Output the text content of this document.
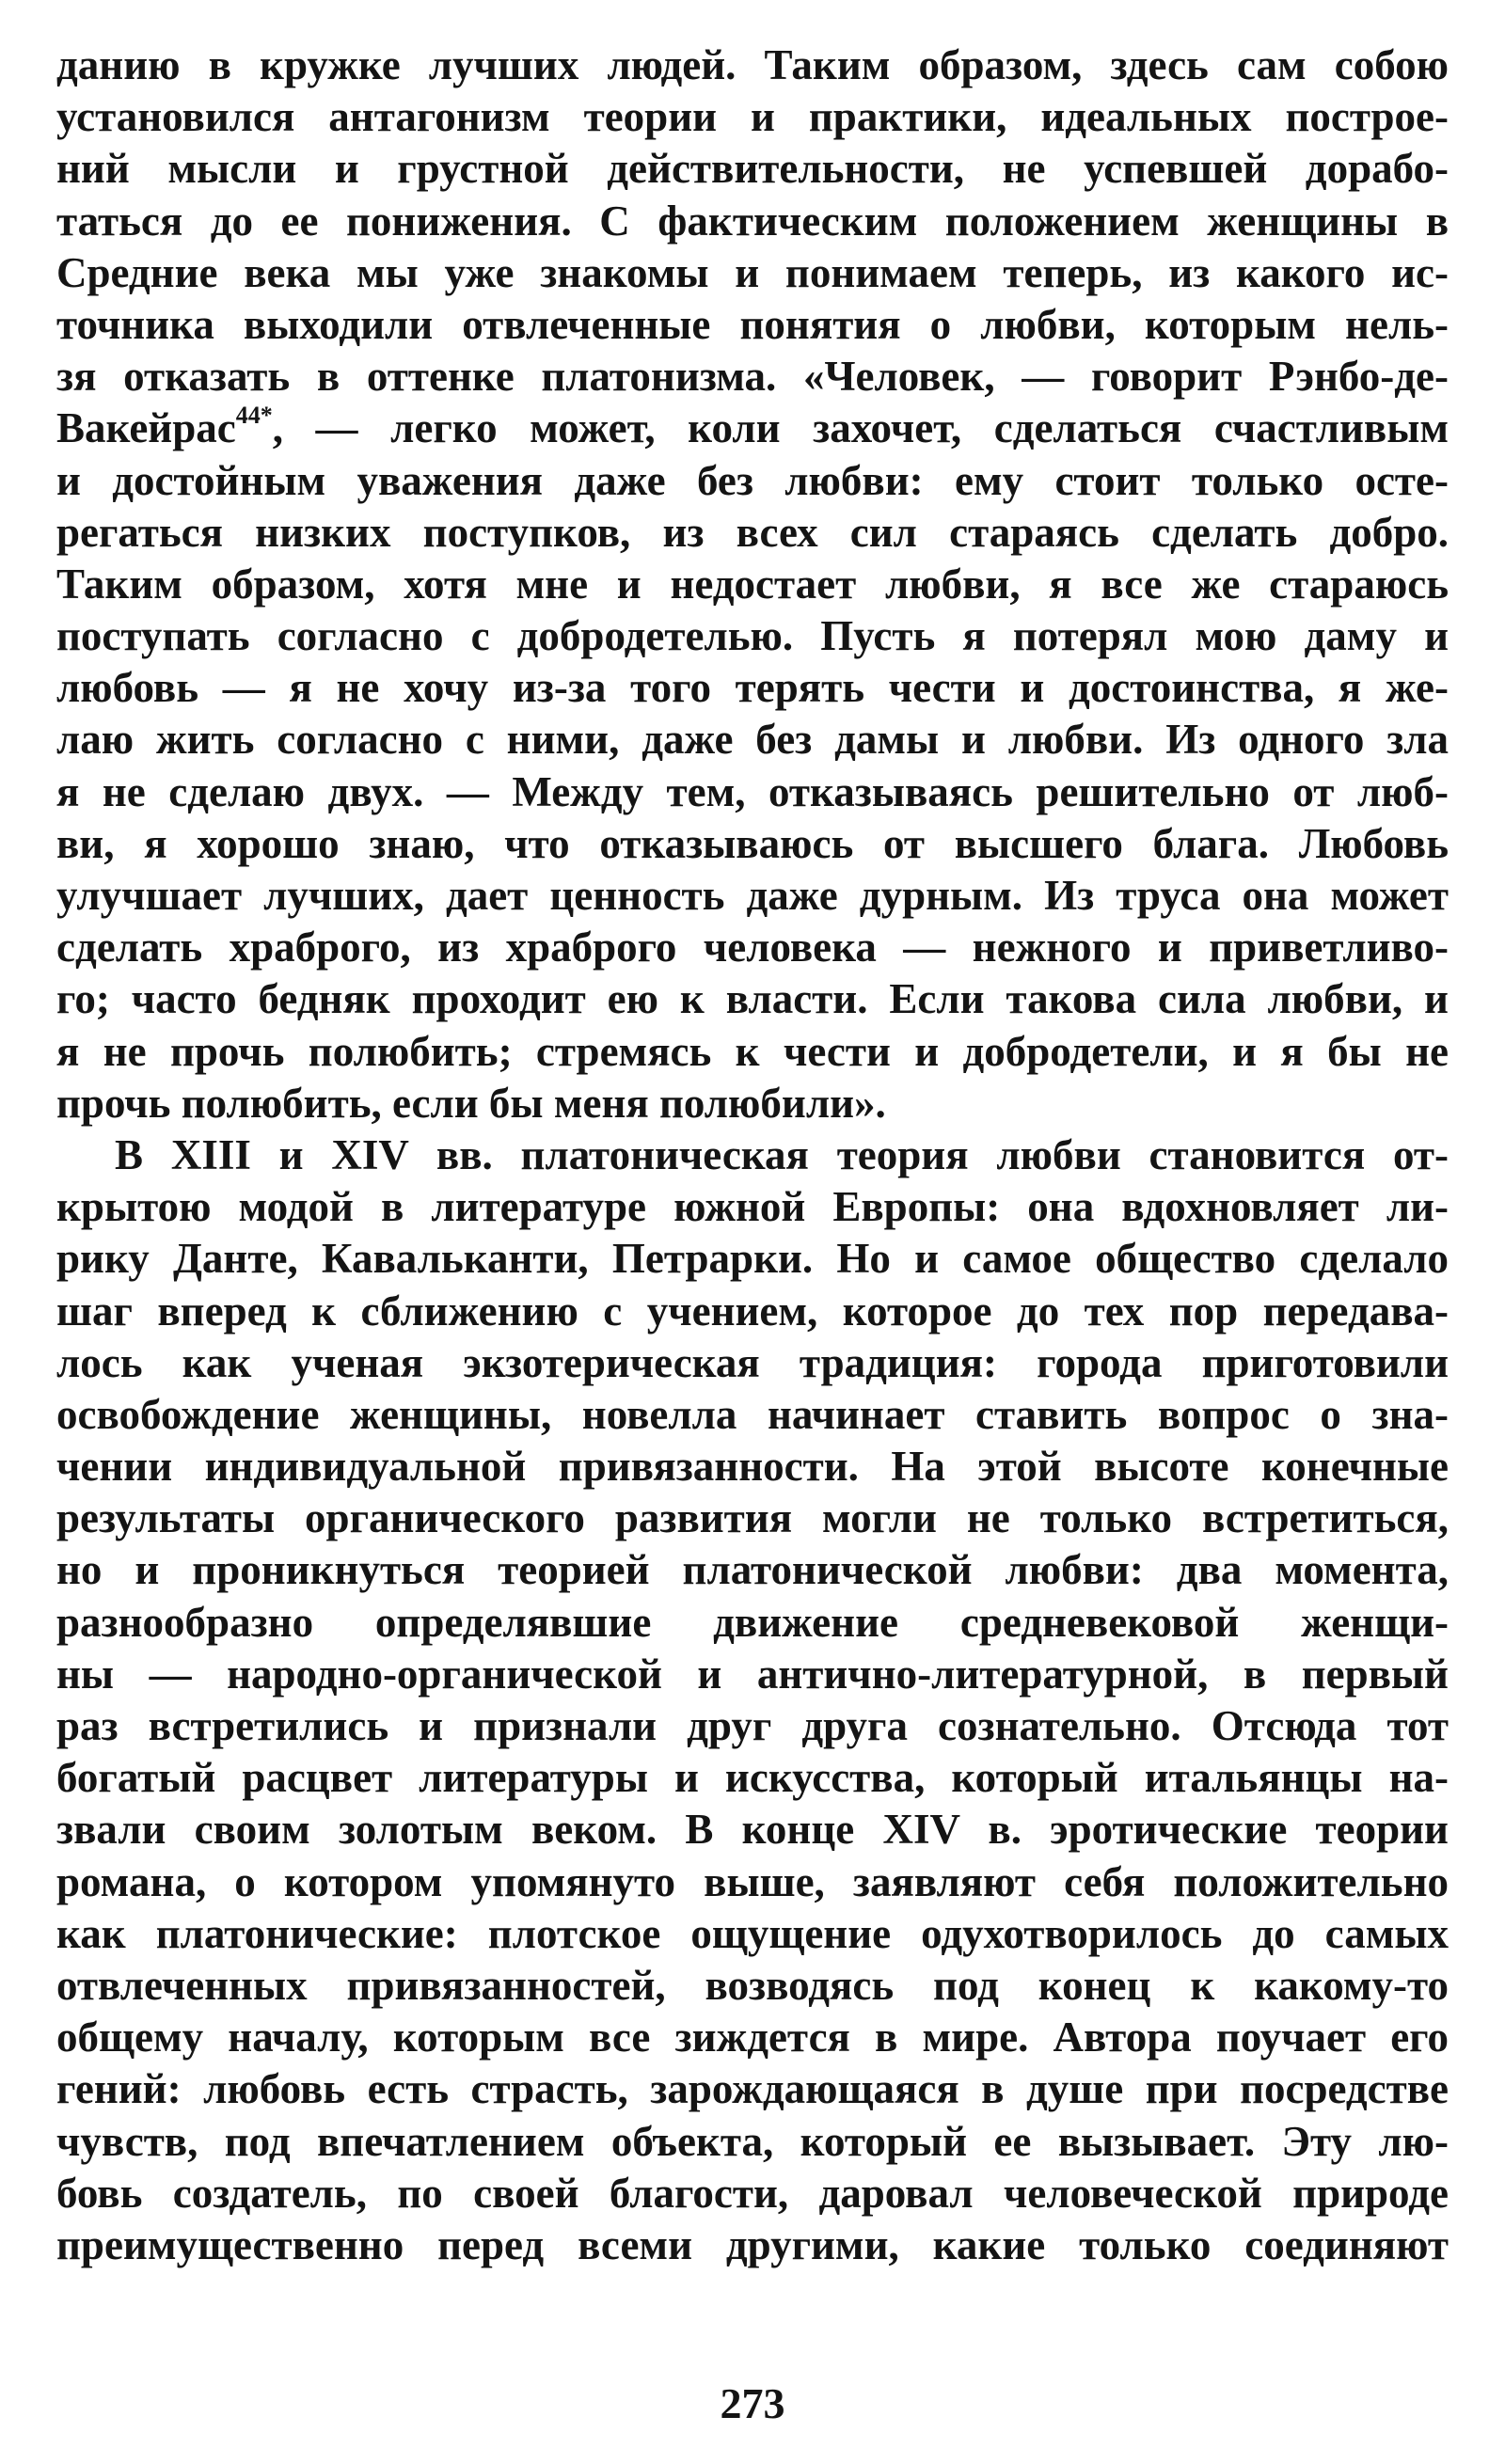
данию в кружке лучших людей. Таким образом, здесь сам собою
установился антагонизм теории и практики, идеальных построе-
ний мысли и грустной действительности, не успевшей дорабо-
таться до ее понижения. С фактическим положением женщины в
Средние века мы уже знакомы и понимаем теперь, из какого ис-
точника выходили отвлеченные понятия о любви, которым нель-
зя отказать в оттенке платонизма. «Человек, — говорит Рэнбо-де-
Вакейрас$^{44*}$, — легко может, коли захочет, сделаться счастливым
и достойным уважения даже без любви: ему стоит только осте-
регаться низких поступков, из всех сил стараясь сделать добро.
Таким образом, хотя мне и недостает любви, я все же стараюсь
поступать согласно с добродетелью. Пусть я потерял мою даму и
любовь — я не хочу из-за того терять чести и достоинства, я же-
лаю жить согласно с ними, даже без дамы и любви. Из одного зла
я не сделаю двух. — Между тем, отказываясь решительно от люб-
ви, я хорошо знаю, что отказываюсь от высшего блага. Любовь
улучшает лучших, дает ценность даже дурным. Из труса она может
сделать храброго, из храброго человека — нежного и приветливо-
го; часто бедняк проходит ею к власти. Если такова сила любви, и
я не прочь полюбить; стремясь к чести и добродетели, и я бы не
прочь полюбить, если бы меня полюбили».
В XIII и XIV вв. платоническая теория любви становится от-
крытою модой в литературе южной Европы: она вдохновляет ли-
рику Данте, Кавальканти, Петрарки. Но и самое общество сделало
шаг вперед к сближению с учением, которое до тех пор передава-
лось как ученая экзотерическая традиция: города приготовили
освобождение женщины, новелла начинает ставить вопрос о зна-
чении индивидуальной привязанности. На этой высоте конечные
результаты органического развития могли не только встретиться,
но и проникнуться теорией платонической любви: два момента,
разнообразно определявшие движение средневековой женщи-
ны — народно-органической и античнo-литературной, в первый
раз встретились и признали друг друга сознательно. Отсюда тот
богатый расцвет литературы и искусства, который итальянцы на-
звали своим золотым веком. В конце XIV в. эротические теории
романа, о котором упомянуто выше, заявляют себя положительно
как платонические: плотское ощущение одухотворилось до самых
отвлеченных привязанностей, возводясь под конец к какому-то
общему началу, которым все зиждется в мире. Автора поучает его
гений: любовь есть страсть, зарождающаяся в душе при посредстве
чувств, под впечатлением объекта, который ее вызывает. Эту лю-
бовь создатель, по своей благости, даровал человеческой природе
преимущественно перед всеми другими, какие только соединяют
273
